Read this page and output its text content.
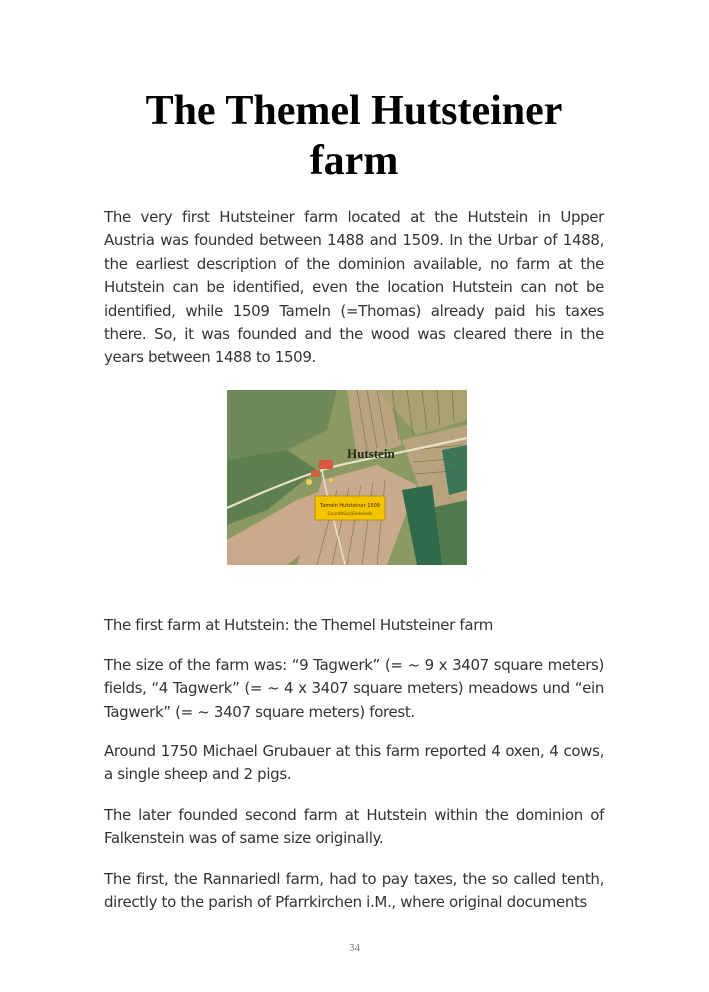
The Themel Hutsteiner farm

The very first Hutsteiner farm located at the Hutstein in Upper Austria was founded between 1488 and 1509. In the Urbar of 1488, the earliest description of the dominion available, no farm at the Hutstein can be identified, even the location Hutstein can not be identified, while 1509 Tameln (=Thomas) already paid his taxes there. So, it was founded and the wood was cleared there in the years between 1488 to 1509.

Tameln Hutsteiner 1509
Grundstück/Gemeinde
Hutstein

The first farm at Hutstein: the Themel Hutsteiner farm

The size of the farm was: “9 Tagwerk” (= ~ 9 x 3407 square meters) fields, “4 Tagwerk” (= ~ 4 x 3407 square meters) meadows und “ein Tagwerk” (= ~ 3407 square meters) forest.

Around 1750 Michael Grubauer at this farm reported 4 oxen, 4 cows, a single sheep and 2 pigs.

The later founded second farm at Hutstein within the dominion of Falkenstein was of same size originally.

The first, the Rannariedl farm, had to pay taxes, the so called tenth, directly to the parish of Pfarrkirchen i.M., where original documents

34
